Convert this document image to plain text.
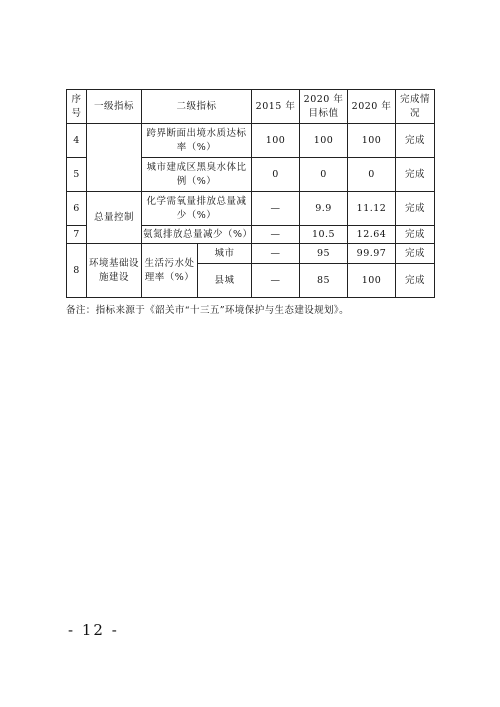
序号	一级指标	二级指标		2015 年	2020 年目标值	2020 年	完成情况
4		跨界断面出境水质达标率（%）		100	100	100	完成
5		城市建成区黑臭水体比例（%）		0	0	0	完成
6	总量控制	化学需氧量排放总量减少（%）		—	9.9	11.12	完成
7		氨氮排放总量减少（%）		—	10.5	12.64	完成
8	环境基础设施建设	生活污水处理率（%）	城市	—	95	99.97	完成
			县城	—	85	100	完成
备注：指标来源于《韶关市“十三五”环境保护与生态建设规划》。
- 12 -
